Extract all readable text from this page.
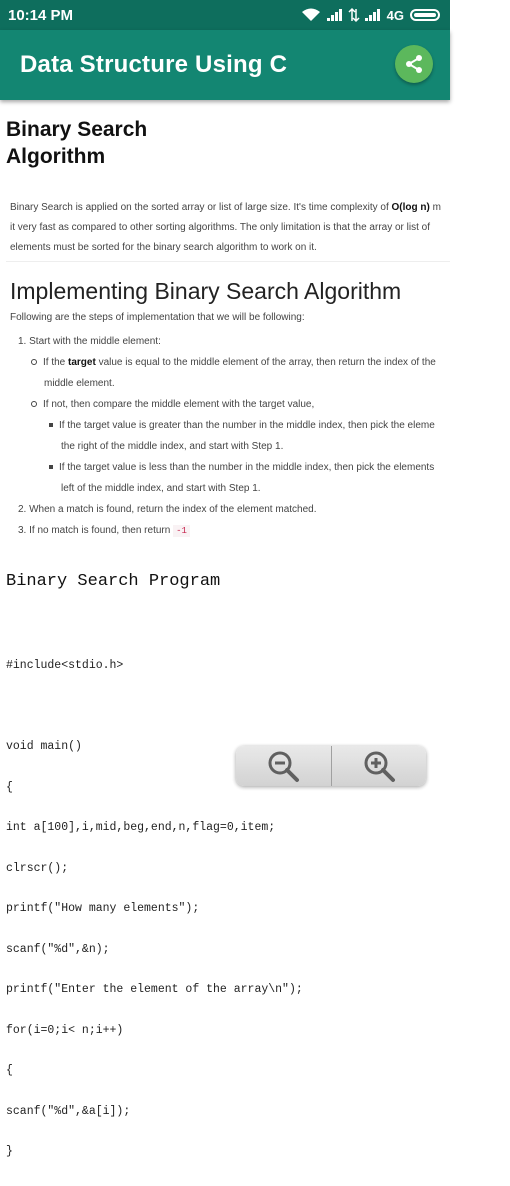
10:14 PM	4G
Data Structure Using C
Binary Search
Algorithm
Binary Search is applied on the sorted array or list of large size. It's time complexity of O(log n) m
it very fast as compared to other sorting algorithms. The only limitation is that the array or list of
elements must be sorted for the binary search algorithm to work on it.
Implementing Binary Search Algorithm
Following are the steps of implementation that we will be following:
1. Start with the middle element:
If the target value is equal to the middle element of the array, then return the index of the
middle element.
If not, then compare the middle element with the target value,
If the target value is greater than the number in the middle index, then pick the eleme
the right of the middle index, and start with Step 1.
If the target value is less than the number in the middle index, then pick the elements
left of the middle index, and start with Step 1.
2. When a match is found, return the index of the element matched.
3. If no match is found, then return -1
Binary Search Program

#include<stdio.h>

void main()

{

int a[100],i,mid,beg,end,n,flag=0,item;

clrscr();

printf("How many elements");

scanf("%d",&n);

printf("Enter the element of the array\n");

for(i=0;i< n;i++)

{

scanf("%d",&a[i]);

}
